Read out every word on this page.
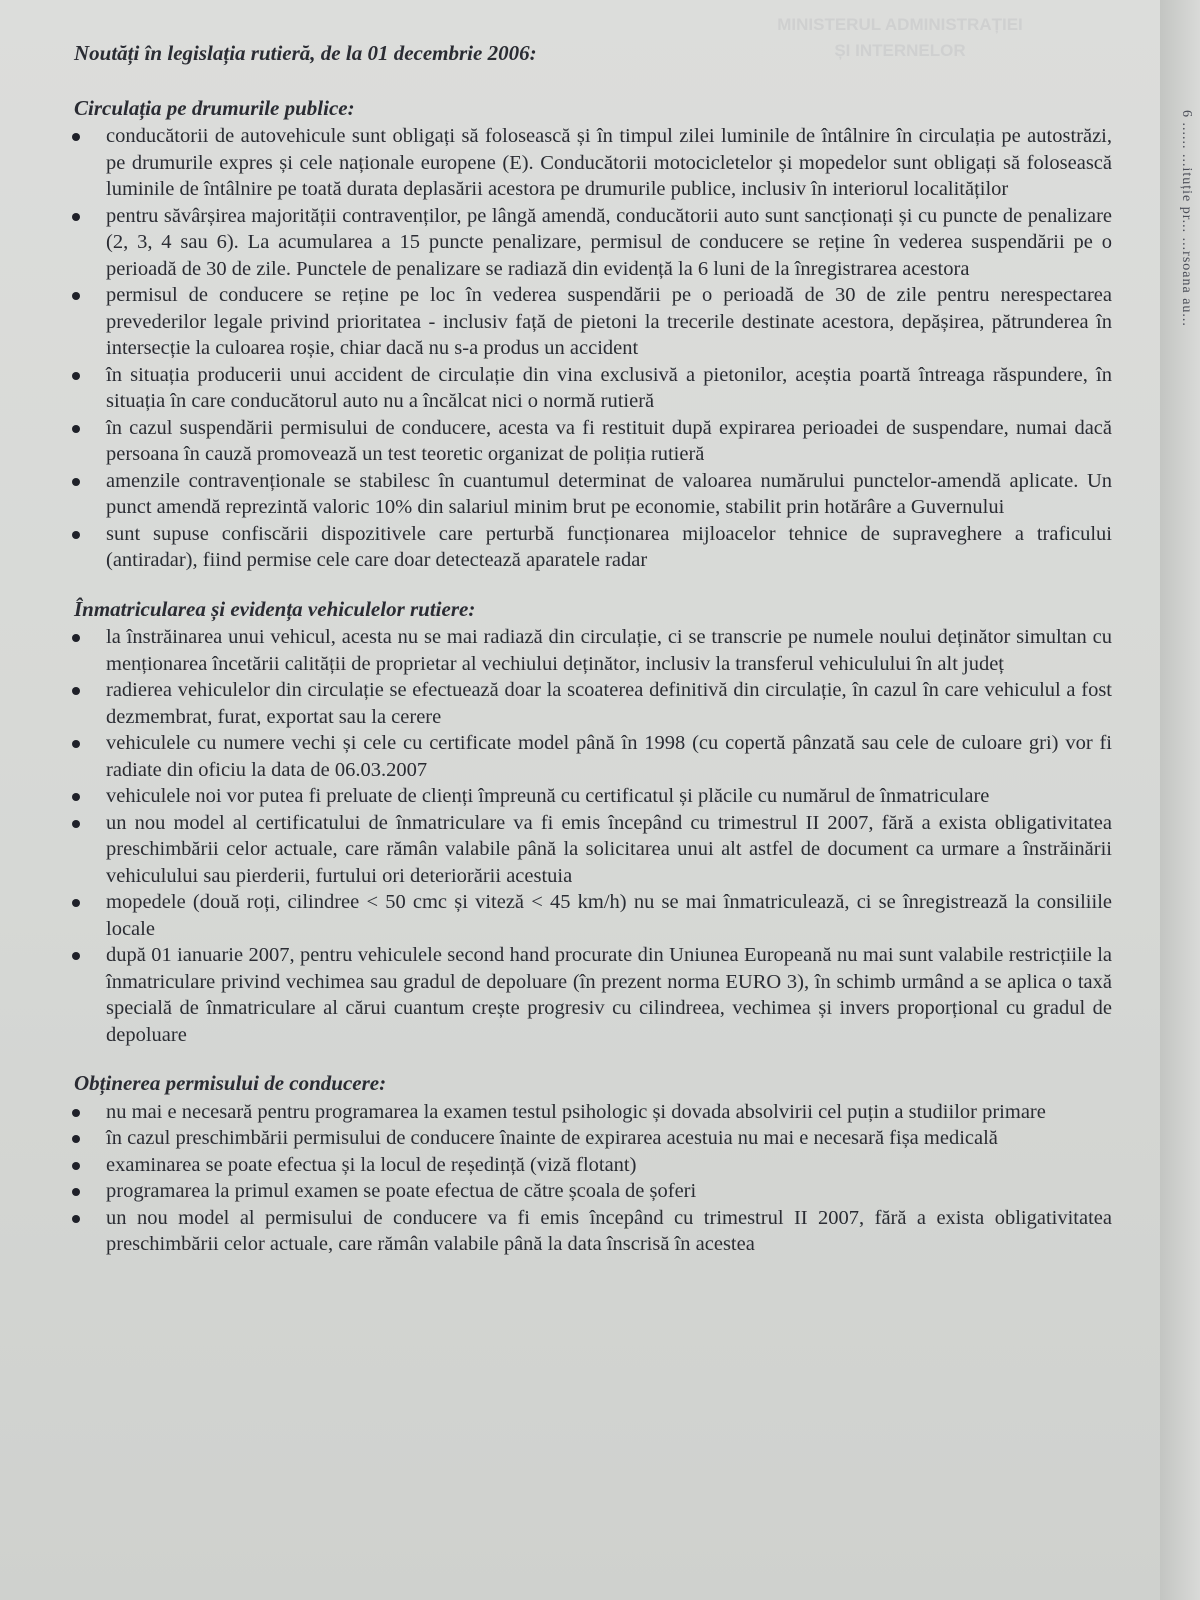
MINISTERUL ADMINISTRAȚIEI
ȘI INTERNELOR
Noutăți în legislația rutieră, de la 01 decembrie 2006:
Circulația pe drumurile publice:
conducătorii de autovehicule sunt obligați să folosească și în timpul zilei luminile de întâlnire în circulația pe autostrăzi, pe drumurile expres și cele naționale europene (E). Conducătorii motocicletelor și mopedelor sunt obligați să folosească luminile de întâlnire pe toată durata deplasării acestora pe drumurile publice, inclusiv în interiorul localităților
pentru săvârșirea majorității contravenților, pe lângă amendă, conducătorii auto sunt sancționați și cu puncte de penalizare (2, 3, 4 sau 6). La acumularea a 15 puncte penalizare, permisul de conducere se reține în vederea suspendării pe o perioadă de 30 de zile. Punctele de penalizare se radiază din evidență la 6 luni de la înregistrarea acestora
permisul de conducere se reține pe loc în vederea suspendării pe o perioadă de 30 de zile pentru nerespectarea prevederilor legale privind prioritatea - inclusiv față de pietoni la trecerile destinate acestora, depășirea, pătrunderea în intersecție la culoarea roșie, chiar dacă nu s-a produs un accident
în situația producerii unui accident de circulație din vina exclusivă a pietonilor, aceștia poartă întreaga răspundere, în situația în care conducătorul auto nu a încălcat nici o normă rutieră
în cazul suspendării permisului de conducere, acesta va fi restituit după expirarea perioadei de suspendare, numai dacă persoana în cauză promovează un test teoretic organizat de poliția rutieră
amenzile contravenționale se stabilesc în cuantumul determinat de valoarea numărului punctelor-amendă aplicate. Un punct amendă reprezintă valoric 10% din salariul minim brut pe economie, stabilit prin hotărâre a Guvernului
sunt supuse confiscării dispozitivele care perturbă funcționarea mijloacelor tehnice de supraveghere a traficului (antiradar), fiind permise cele care doar detectează aparatele radar
Înmatricularea și evidența vehiculelor rutiere:
la înstrăinarea unui vehicul, acesta nu se mai radiază din circulație, ci se transcrie pe numele noului deținător simultan cu menționarea încetării calității de proprietar al vechiului deținător, inclusiv la transferul vehiculului în alt județ
radierea vehiculelor din circulație se efectuează doar la scoaterea definitivă din circulație, în cazul în care vehiculul a fost dezmembrat, furat, exportat sau la cerere
vehiculele cu numere vechi și cele cu certificate model până în 1998 (cu copertă pânzată sau cele de culoare gri) vor fi radiate din oficiu la data de 06.03.2007
vehiculele noi vor putea fi preluate de clienți împreună cu certificatul și plăcile cu numărul de înmatriculare
un nou model al certificatului de înmatriculare va fi emis începând cu trimestrul II 2007, fără a exista obligativitatea preschimbării celor actuale, care rămân valabile până la solicitarea unui alt astfel de document ca urmare a înstrăinării vehiculului sau pierderii, furtului ori deteriorării acestuia
mopedele (două roți, cilindree < 50 cmc și viteză < 45 km/h) nu se mai înmatriculează, ci se înregistrează la consiliile locale
după 01 ianuarie 2007, pentru vehiculele second hand procurate din Uniunea Europeană nu mai sunt valabile restricțiile la înmatriculare privind vechimea sau gradul de depoluare (în prezent norma EURO 3), în schimb urmând a se aplica o taxă specială de înmatriculare al cărui cuantum crește progresiv cu cilindreea, vechimea și invers proporțional cu gradul de depoluare
Obținerea permisului de conducere:
nu mai e necesară pentru programarea la examen testul psihologic și dovada absolvirii cel puțin a studiilor primare
în cazul preschimbării permisului de conducere înainte de expirarea acestuia nu mai e necesară fișa medicală
examinarea se poate efectua și la locul de reședință (viză flotant)
programarea la primul examen se poate efectua de către școala de șoferi
un nou model al permisului de conducere va fi emis începând cu trimestrul II 2007, fără a exista obligativitatea preschimbării celor actuale, care rămân valabile până la data înscrisă în acestea
6 ...... ...ituție pr... ...rsoana au...
